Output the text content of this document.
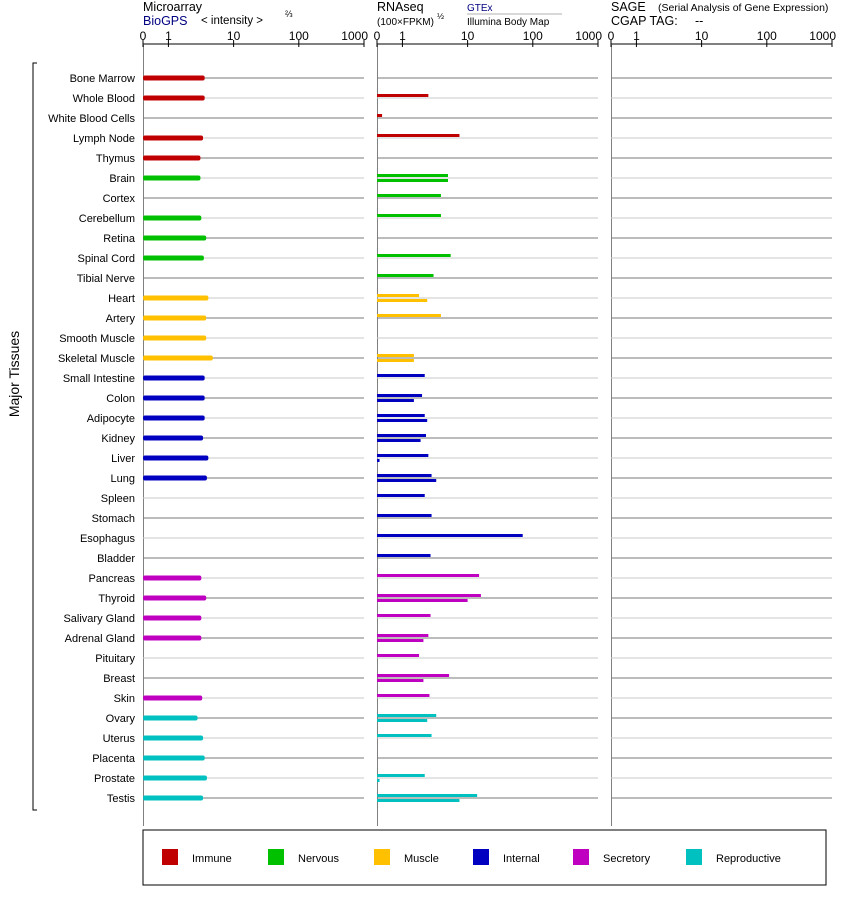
Microarray
BioGPS < intensity >
⅔
0 1	10	100	1000
RNAseq
(100×FPKM)
½
GTEx
Illumina Body Map
0 1	10	100	1000
SAGE (Serial Analysis of Gene Expression)
CGAP TAG: --
0 1	10	100	1000
Major Tissues
Bone Marrow
Whole Blood
White Blood Cells
Lymph Node
Thymus
Brain
Cortex
Cerebellum
Retina
Spinal Cord
Tibial Nerve
Heart
Artery
Smooth Muscle
Skeletal Muscle
Small Intestine
Colon
Adipocyte
Kidney
Liver
Lung
Spleen
Stomach
Esophagus
Bladder
Pancreas
Thyroid
Salivary Gland
Adrenal Gland
Pituitary
Breast
Skin
Ovary
Uterus
Placenta
Prostate
Testis
Immune	Nervous	Muscle	Internal	Secretory	Reproductive
